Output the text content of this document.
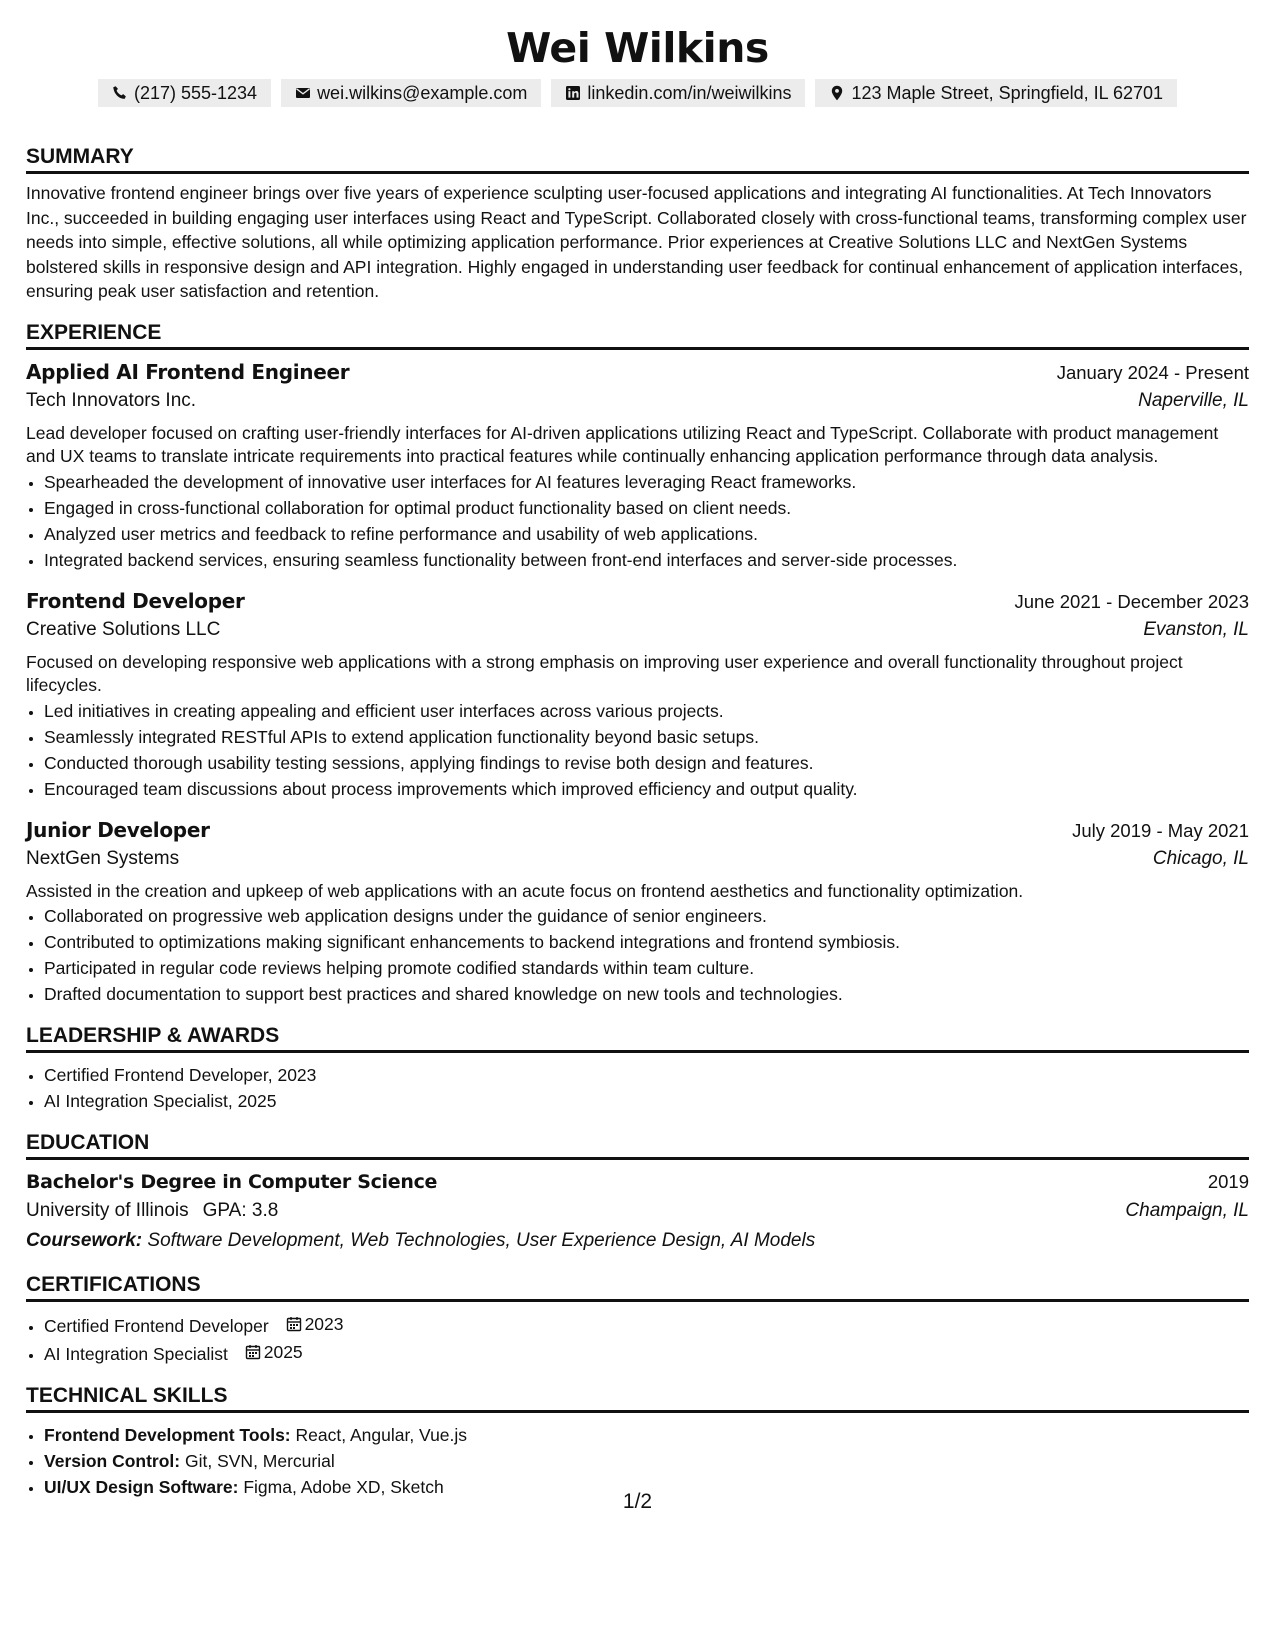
Wei Wilkins
(217) 555-1234	wei.wilkins@example.com	linkedin.com/in/weiwilkins	123 Maple Street, Springfield, IL 62701
SUMMARY
Innovative frontend engineer brings over five years of experience sculpting user-focused applications and integrating AI functionalities. At Tech Innovators Inc., succeeded in building engaging user interfaces using React and TypeScript. Collaborated closely with cross-functional teams, transforming complex user needs into simple, effective solutions, all while optimizing application performance. Prior experiences at Creative Solutions LLC and NextGen Systems bolstered skills in responsive design and API integration. Highly engaged in understanding user feedback for continual enhancement of application interfaces, ensuring peak user satisfaction and retention.
EXPERIENCE
Applied AI Frontend Engineer	January 2024 - Present
Tech Innovators Inc.	Naperville, IL
Lead developer focused on crafting user-friendly interfaces for AI-driven applications utilizing React and TypeScript. Collaborate with product management and UX teams to translate intricate requirements into practical features while continually enhancing application performance through data analysis.
• Spearheaded the development of innovative user interfaces for AI features leveraging React frameworks.
• Engaged in cross-functional collaboration for optimal product functionality based on client needs.
• Analyzed user metrics and feedback to refine performance and usability of web applications.
• Integrated backend services, ensuring seamless functionality between front-end interfaces and server-side processes.
Frontend Developer	June 2021 - December 2023
Creative Solutions LLC	Evanston, IL
Focused on developing responsive web applications with a strong emphasis on improving user experience and overall functionality throughout project lifecycles.
• Led initiatives in creating appealing and efficient user interfaces across various projects.
• Seamlessly integrated RESTful APIs to extend application functionality beyond basic setups.
• Conducted thorough usability testing sessions, applying findings to revise both design and features.
• Encouraged team discussions about process improvements which improved efficiency and output quality.
Junior Developer	July 2019 - May 2021
NextGen Systems	Chicago, IL
Assisted in the creation and upkeep of web applications with an acute focus on frontend aesthetics and functionality optimization.
• Collaborated on progressive web application designs under the guidance of senior engineers.
• Contributed to optimizations making significant enhancements to backend integrations and frontend symbiosis.
• Participated in regular code reviews helping promote codified standards within team culture.
• Drafted documentation to support best practices and shared knowledge on new tools and technologies.
LEADERSHIP & AWARDS
• Certified Frontend Developer, 2023
• AI Integration Specialist, 2025
EDUCATION
Bachelor's Degree in Computer Science	2019
University of Illinois GPA: 3.8	Champaign, IL
Coursework: Software Development, Web Technologies, User Experience Design, AI Models
CERTIFICATIONS
• Certified Frontend Developer 2023
• AI Integration Specialist 2025
TECHNICAL SKILLS
• Frontend Development Tools: React, Angular, Vue.js
• Version Control: Git, SVN, Mercurial
• UI/UX Design Software: Figma, Adobe XD, Sketch
1/2
